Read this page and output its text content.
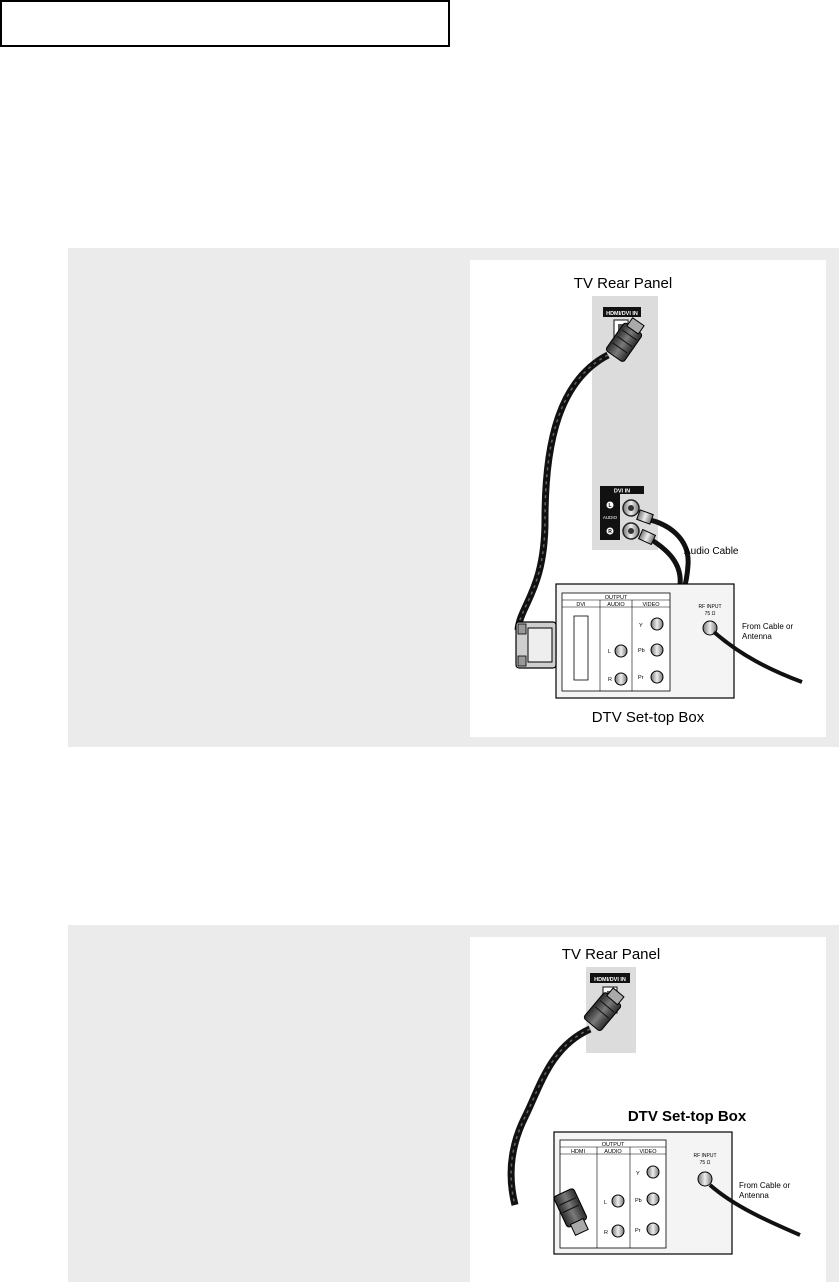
TV Rear Panel
HDMI/DVI IN
DVI IN
L
AUDIO
R
Audio Cable
OUTPUT
DVI	AUDIO	VIDEO
L
R
Y
Pb
Pr
RF INPUT
75 Ω
From Cable or
Antenna
DTV Set-top Box
TV Rear Panel
HDMI/DVI IN
DTV Set-top Box
OUTPUT
HDMI	AUDIO	VIDEO
L
R
Y
Pb
Pr
RF INPUT
75 Ω
From Cable or
Antenna
